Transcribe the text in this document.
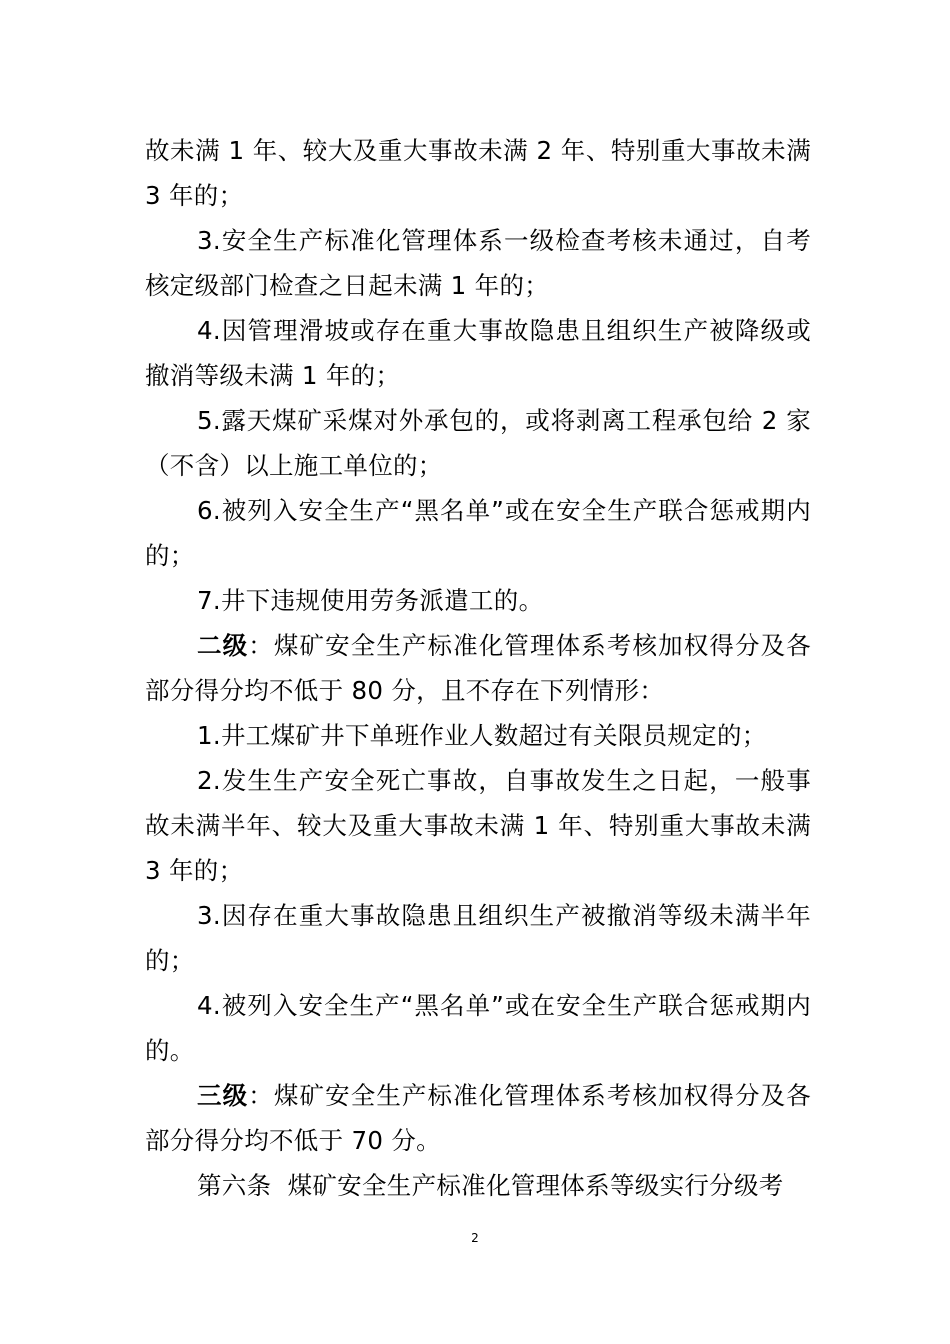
故未满 1 年、较大及重大事故未满 2 年、特别重大事故未满 3 年的；

3.安全生产标准化管理体系一级检查考核未通过，自考核定级部门检查之日起未满 1 年的；

4.因管理滑坡或存在重大事故隐患且组织生产被降级或撤消等级未满 1 年的；

5.露天煤矿采煤对外承包的，或将剥离工程承包给 2 家（不含）以上施工单位的；

6.被列入安全生产“黑名单”或在安全生产联合惩戒期内的；

7.井下违规使用劳务派遣工的。

二级：煤矿安全生产标准化管理体系考核加权得分及各部分得分均不低于 80 分，且不存在下列情形：

1.井工煤矿井下单班作业人数超过有关限员规定的；

2.发生生产安全死亡事故，自事故发生之日起，一般事故未满半年、较大及重大事故未满 1 年、特别重大事故未满 3 年的；

3.因存在重大事故隐患且组织生产被撤消等级未满半年的；

4.被列入安全生产“黑名单”或在安全生产联合惩戒期内的。

三级：煤矿安全生产标准化管理体系考核加权得分及各部分得分均不低于 70 分。

第六条  煤矿安全生产标准化管理体系等级实行分级考

2
